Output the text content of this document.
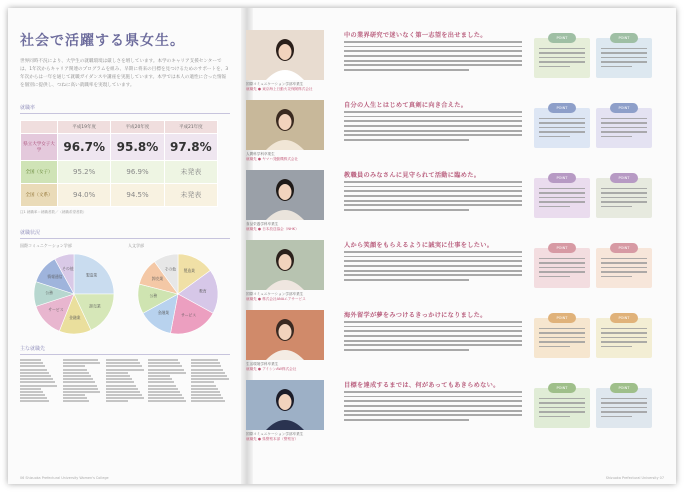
社会で活躍する県女生。
世界同時不況により、大学生の就職環境は厳しさを増しています。本学のキャリア支援センターでは、1年次からキャリア関連のプログラムを組み、早期に将来の目標を見つけるためのサポートを、3年次からは一年を通じて就職ガイダンスや講座を実施しています。本学では本人の適性に合った情報を個別に提供し、つねに高い就職率を実現しています。
就職率
	平成19年度	平成20年度	平成21年度
県立大学女子大学	96.7%	95.8%	97.8%
全国（女子）	95.2%	96.9%	未発表
全国（文系）	94.0%	94.5%	未発表
注1 就職率＝就職者数／（就職希望者数）
就職状況
国際コミュニケーション学部	人文学部
製造業
卸売業
金融業
サービス
公務
情報通信
その他	製造業
教育
サービス
金融業
公務
卸売業
その他
主な就職先
06 Shizuoka Prefectural University Women's College
国際コミュニケーション学部卒業生
就職先 ● 東京海上日動火災保険株式会社
中の業界研究で迷いなく第一志望を出せました。	POINT	POINT
人間科学科卒業生
就職先 ● ヤマハ発動機株式会社
自分の人生とはじめて真剣に向き合えた。	POINT	POINT
食品栄養学科卒業生
就職先 ● 日本放送協会（NHK）
教職員のみなさんに見守られて活動に臨めた。	POINT	POINT
国際コミュニケーション学部卒業生
就職先 ● 株式会社ANAエアサービス
人から笑顔をもらえるように誠実に仕事をしたい。	POINT	POINT
生活環境学科卒業生
就職先 ● アイシンAW株式会社
海外留学が夢をみつけるきっかけになりました。	POINT	POINT
国際コミュニケーション学部卒業生
就職先 ● 県警察本部（警察官）
目標を達成するまでは、何があってもあきらめない。	POINT	POINT
Shizuoka Prefectural University 07
